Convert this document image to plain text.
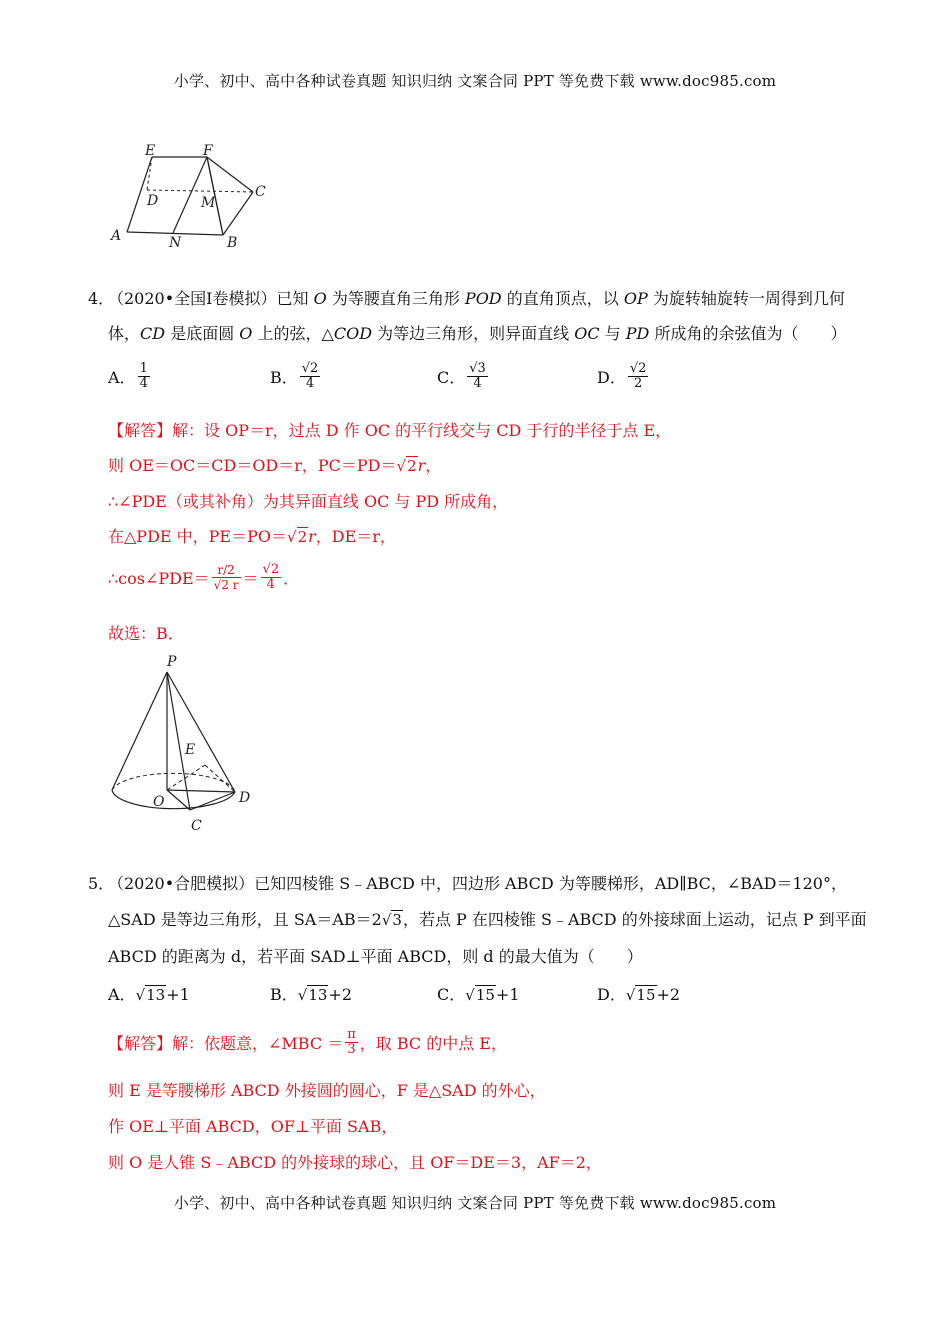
小学、初中、高中各种试卷真题 知识归纳 文案合同 PPT 等免费下载 www.doc985.com
E	F
D	M
C
A	N	B
4．
（2020•全国Ⅰ卷模拟）已知 O 为等腰直角三角形 POD 的直角顶点，以 OP 为旋转轴旋转一周得到几何
体，CD 是底面圆 O 上的弦，△COD 为等边三角形，则异面直线 OC 与 PD 所成角的余弦值为（　　）
A． $\frac{1}{4}$	B． $\frac{√2}{4}$	C． $\frac{√3}{4}$	D． $\frac{√2}{2}$
【解答】解：设 OP＝r，过点 D 作 OC 的平行线交与 CD 于行的半径于点 E，
则 OE＝OC＝CD＝OD＝r，PC＝PD＝√2r，
∴∠PDE（或其补角）为其异面直线 OC 与 PD 所成角，
在△PDE 中，PE＝PO＝√2r，DE＝r，
∴cos∠PDE＝ $\frac{r/2}{√2 r} = \frac{√2}{4}$ ．
故选：B．
P
E
O	D
C
5．
（2020•合肥模拟）已知四棱锥 S﹣ABCD 中，四边形 ABCD 为等腰梯形，AD∥BC，∠BAD＝120°，
△SAD 是等边三角形，且 SA＝AB＝2√3，若点 P 在四棱锥 S﹣ABCD 的外接球面上运动，记点 P 到平面
ABCD 的距离为 d，若平面 SAD⊥平面 ABCD，则 d 的最大值为（　　）
A．√13+1	B．√13+2	C．√15+1	D．√15+2
【解答】解：依题意，∠MBC ＝ $\frac{\pi}{3}$ ，取 BC 的中点 E，
则 E 是等腰梯形 ABCD 外接圆的圆心，F 是△SAD 的外心，
作 OE⊥平面 ABCD，OF⊥平面 SAB，
则 O 是人锥 S﹣ABCD 的外接球的球心，且 OF＝DE＝3，AF＝2，
小学、初中、高中各种试卷真题 知识归纳 文案合同 PPT 等免费下载 www.doc985.com
